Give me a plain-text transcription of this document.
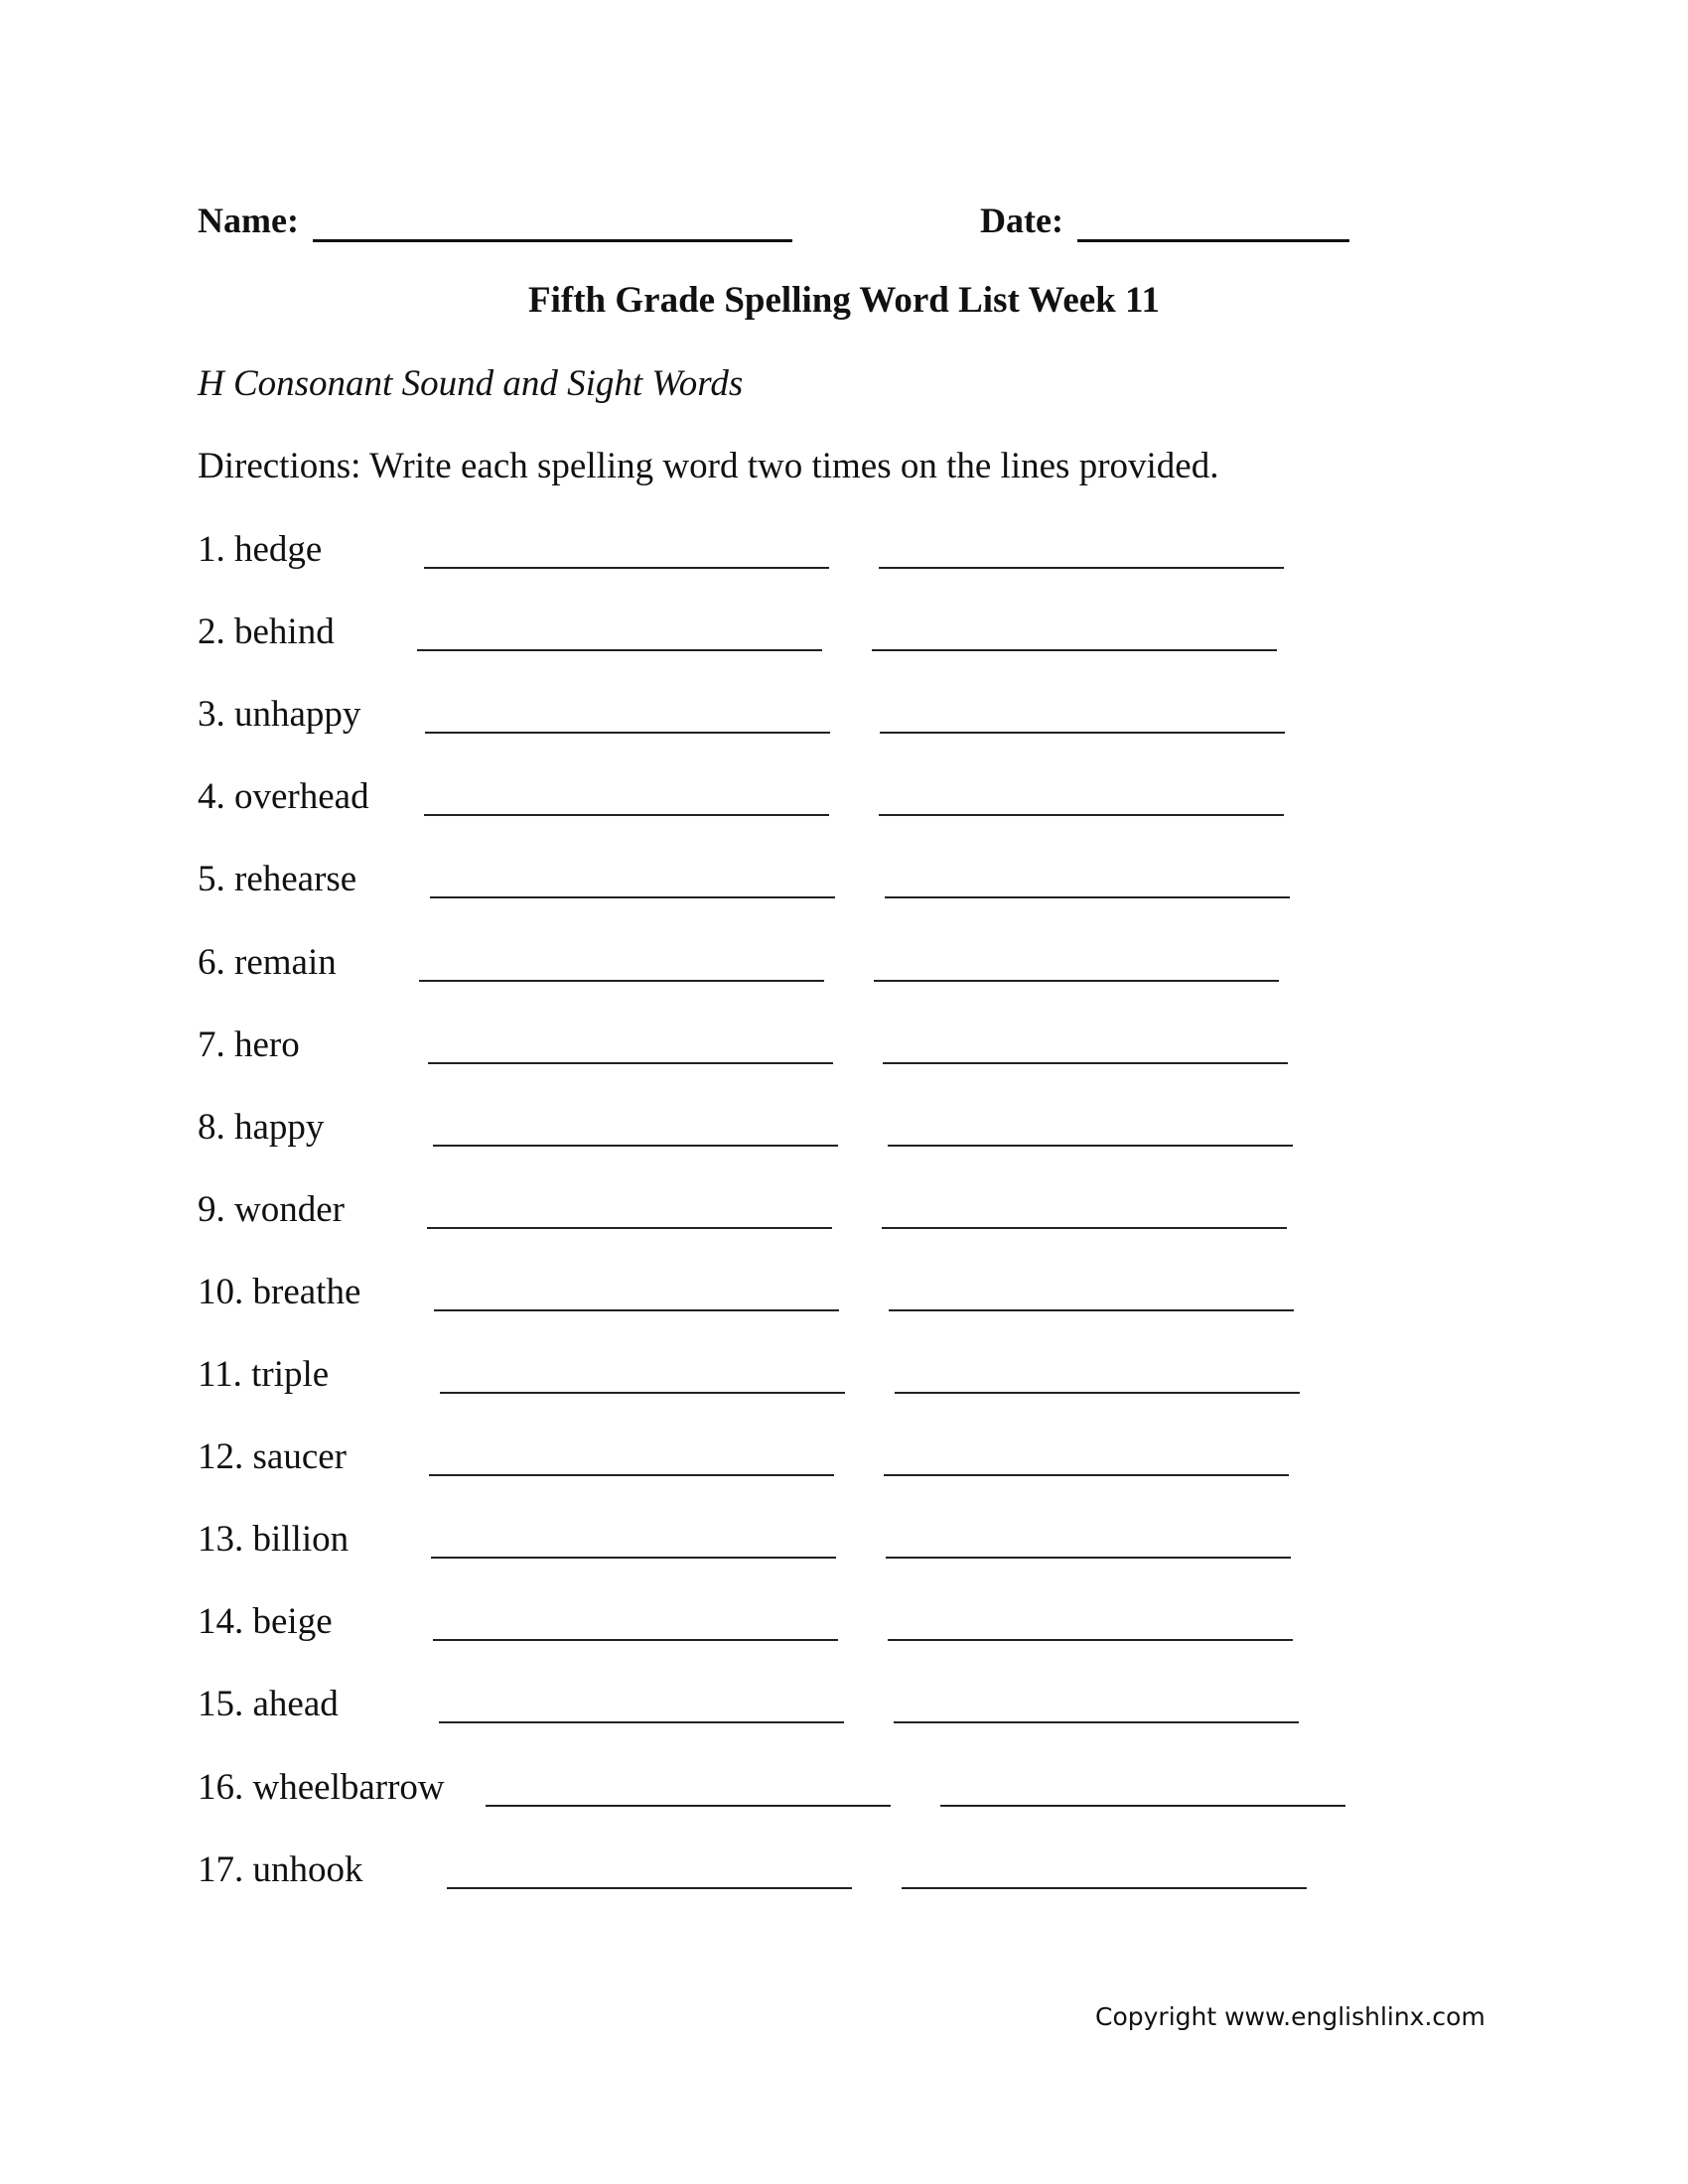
Name:	Date:
Fifth Grade Spelling Word List Week 11
H Consonant Sound and Sight Words
Directions: Write each spelling word two times on the lines provided.
1. hedge
2. behind
3. unhappy
4. overhead
5. rehearse
6. remain
7. hero
8. happy
9. wonder
10. breathe
11. triple
12. saucer
13. billion
14. beige
15. ahead
16. wheelbarrow
17. unhook
Copyright www.englishlinx.com
